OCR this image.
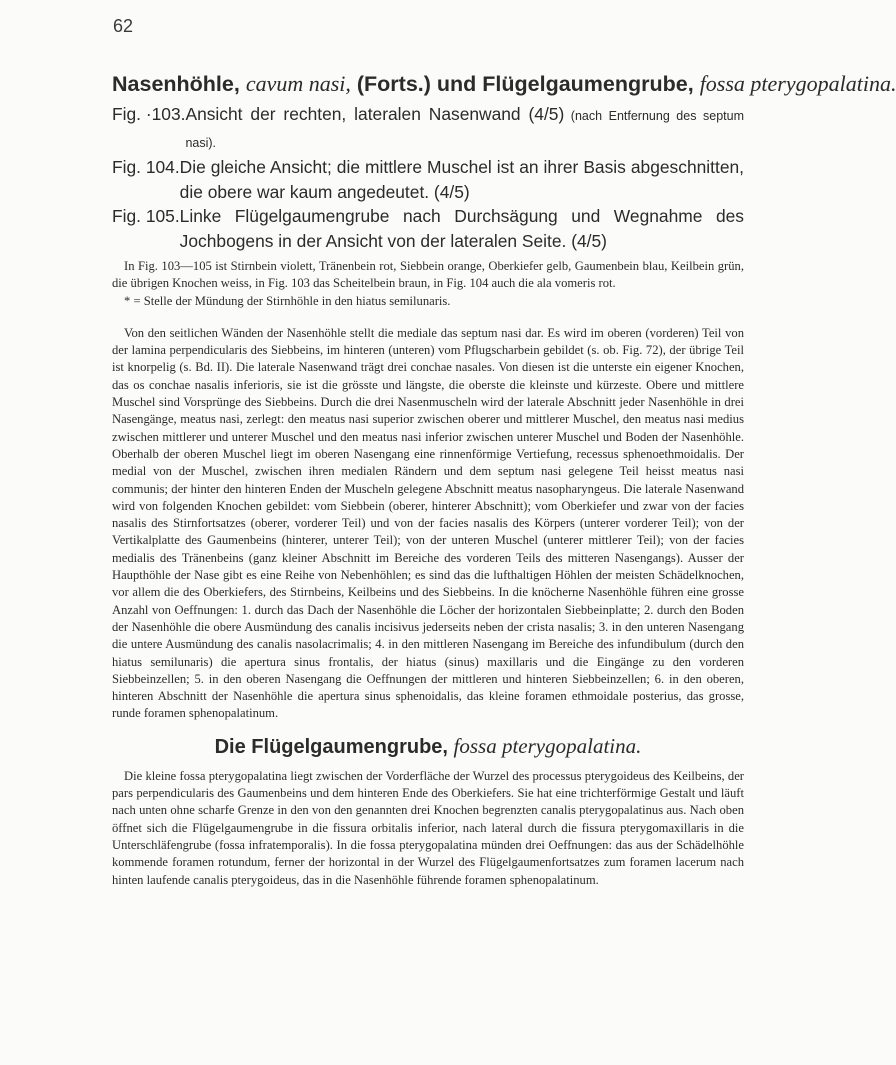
62
Nasenhöhle, cavum nasi, (Forts.) und Flügelgaumengrube, fossa pterygopalatina.
Fig. ·103. Ansicht der rechten, lateralen Nasenwand (4/5) (nach Entfernung des septum nasi).
Fig. 104. Die gleiche Ansicht; die mittlere Muschel ist an ihrer Basis abgeschnitten, die obere war kaum angedeutet. (4/5)
Fig. 105. Linke Flügelgaumengrube nach Durchsägung und Wegnahme des Jochbogens in der Ansicht von der lateralen Seite. (4/5)

In Fig. 103—105 ist Stirnbein violett, Tränenbein rot, Siebbein orange, Oberkiefer gelb, Gaumenbein blau, Keilbein grün, die übrigen Knochen weiss, in Fig. 103 das Scheitelbein braun, in Fig. 104 auch die ala vomeris rot.

* = Stelle der Mündung der Stirnhöhle in den hiatus semilunaris.

Von den seitlichen Wänden der Nasenhöhle stellt die mediale das septum nasi dar. Es wird im oberen (vorderen) Teil von der lamina perpendicularis des Siebbeins, im hinteren (unteren) vom Pflugscharbein gebildet (s. ob. Fig. 72), der übrige Teil ist knorpelig (s. Bd. II). Die laterale Nasenwand trägt drei conchae nasales. Von diesen ist die unterste ein eigener Knochen, das os conchae nasalis inferioris, sie ist die grösste und längste, die oberste die kleinste und kürzeste. Obere und mittlere Muschel sind Vorsprünge des Siebbeins. Durch die drei Nasenmuscheln wird der laterale Abschnitt jeder Nasenhöhle in drei Nasengänge, meatus nasi, zerlegt: den meatus nasi superior zwischen oberer und mittlerer Muschel, den meatus nasi medius zwischen mittlerer und unterer Muschel und den meatus nasi inferior zwischen unterer Muschel und Boden der Nasenhöhle. Oberhalb der oberen Muschel liegt im oberen Nasengang eine rinnenförmige Vertiefung, recessus sphenoethmoidalis. Der medial von der Muschel, zwischen ihren medialen Rändern und dem septum nasi gelegene Teil heisst meatus nasi communis; der hinter den hinteren Enden der Muscheln gelegene Abschnitt meatus nasopharyngeus. Die laterale Nasenwand wird von folgenden Knochen gebildet: vom Siebbein (oberer, hinterer Abschnitt); vom Oberkiefer und zwar von der facies nasalis des Stirnfortsatzes (oberer, vorderer Teil) und von der facies nasalis des Körpers (unterer vorderer Teil); von der Vertikalplatte des Gaumenbeins (hinterer, unterer Teil); von der unteren Muschel (unterer mittlerer Teil); von der facies medialis des Tränenbeins (ganz kleiner Abschnitt im Bereiche des vorderen Teils des mitteren Nasengangs). Ausser der Haupthöhle der Nase gibt es eine Reihe von Nebenhöhlen; es sind das die lufthaltigen Höhlen der meisten Schädelknochen, vor allem die des Oberkiefers, des Stirnbeins, Keilbeins und des Siebbeins. In die knöcherne Nasenhöhle führen eine grosse Anzahl von Oeffnungen: 1. durch das Dach der Nasenhöhle die Löcher der horizontalen Siebbeinplatte; 2. durch den Boden der Nasenhöhle die obere Ausmündung des canalis incisivus jederseits neben der crista nasalis; 3. in den unteren Nasengang die untere Ausmündung des canalis nasolacrimalis; 4. in den mittleren Nasengang im Bereiche des infundibulum (durch den hiatus semilunaris) die apertura sinus frontalis, der hiatus (sinus) maxillaris und die Eingänge zu den vorderen Siebbeinzellen; 5. in den oberen Nasengang die Oeffnungen der mittleren und hinteren Siebbeinzellen; 6. in den oberen, hinteren Abschnitt der Nasenhöhle die apertura sinus sphenoidalis, das kleine foramen ethmoidale posterius, das grosse, runde foramen sphenopalatinum.

Die Flügelgaumengrube, fossa pterygopalatina.

Die kleine fossa pterygopalatina liegt zwischen der Vorderfläche der Wurzel des processus pterygoideus des Keilbeins, der pars perpendicularis des Gaumenbeins und dem hinteren Ende des Oberkiefers. Sie hat eine trichterförmige Gestalt und läuft nach unten ohne scharfe Grenze in den von den genannten drei Knochen begrenzten canalis pterygopalatinus aus. Nach oben öffnet sich die Flügelgaumengrube in die fissura orbitalis inferior, nach lateral durch die fissura pterygomaxillaris in die Unterschläfengrube (fossa infratemporalis). In die fossa pterygopalatina münden drei Oeffnungen: das aus der Schädelhöhle kommende foramen rotundum, ferner der horizontal in der Wurzel des Flügelgaumenfortsatzes zum foramen lacerum nach hinten laufende canalis pterygoideus, das in die Nasenhöhle führende foramen sphenopalatinum.
